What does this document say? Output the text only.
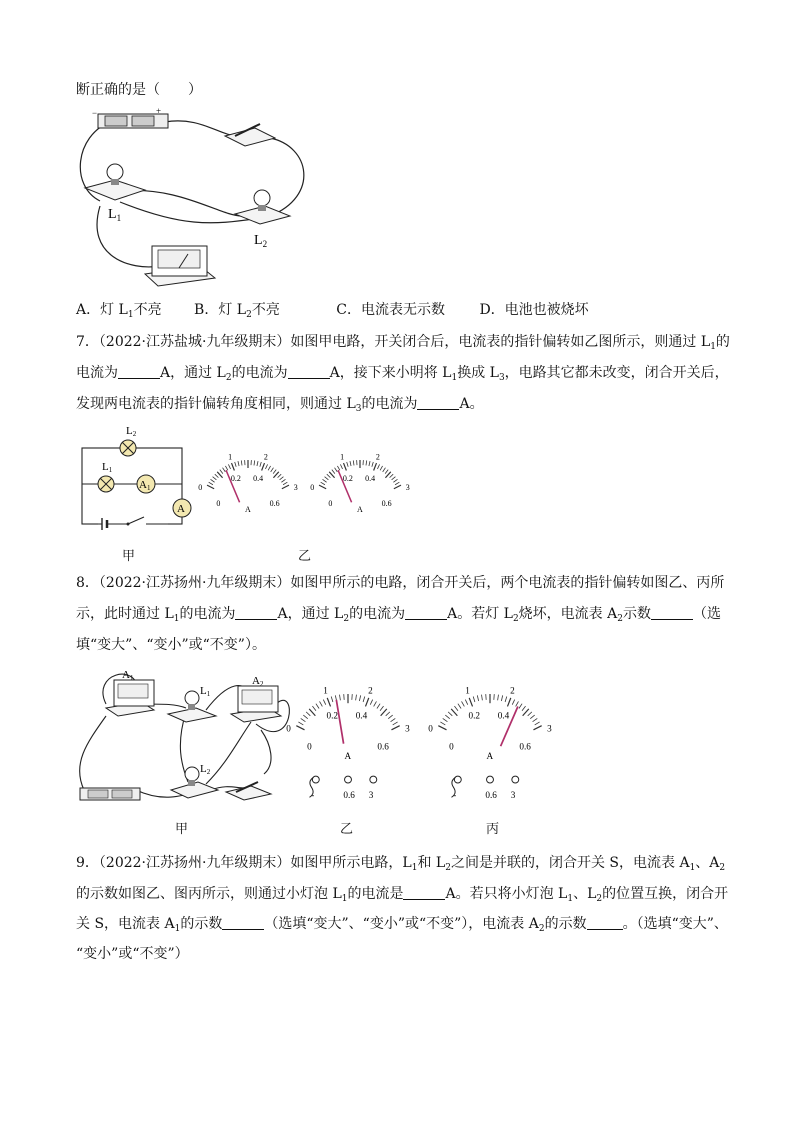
断正确的是（　　）
−	+
$L_1$
$L_2$
A．灯 $L_1$不亮 B．灯 $L_2$不亮	C．电流表无示数 D．电池也被烧坏
7．（2022·江苏盐城·九年级期末）如图甲电路，开关闭合后，电流表的指针偏转如乙图所示，则通过 $L_1$的
电流为	A，通过 $L_2$的电流为	A，接下来小明将 $L_1$换成 $L_3$，电路其它都未改变，闭合开关后，
发现两电流表的指针偏转角度相同，则通过 $L_3$的电流为	A。
L2
L1
A1
A
1	2
0	3
0
0.2 0.4
0.6
A
1	2
0	3
0
0.2 0.4
0.6
A
甲	乙
8．（2022·江苏扬州·九年级期末）如图甲所示的电路，闭合开关后，两个电流表的指针偏转如图乙、丙所
示，此时通过 $L_1$的电流为	A，通过 $L_2$的电流为	A。若灯 $L_2$烧坏，电流表 $A_2$示数	（选
填“变大”、“变小”或“不变”）。
A1
L1
A2
L2
1	2
0	3
0
0.2 0.4
0.6
A
-	0.6 3
1	2
0	3
0
0.2 0.4
0.6
A
-	0.6 3
甲	乙	丙
9．（2022·江苏扬州·九年级期末）如图甲所示电路，$L_1$和 $L_2$之间是并联的，闭合开关 S，电流表 $A_1$、$A_2$
的示数如图乙、图丙所示，则通过小灯泡 $L_1$的电流是	A。若只将小灯泡 $L_1$、$L_2$的位置互换，闭合开
关 S，电流表 $A_1$的示数	（选填“变大”、“变小”或“不变”），电流表 $A_2$的示数	。（选填“变大”、
“变小”或“不变”）
